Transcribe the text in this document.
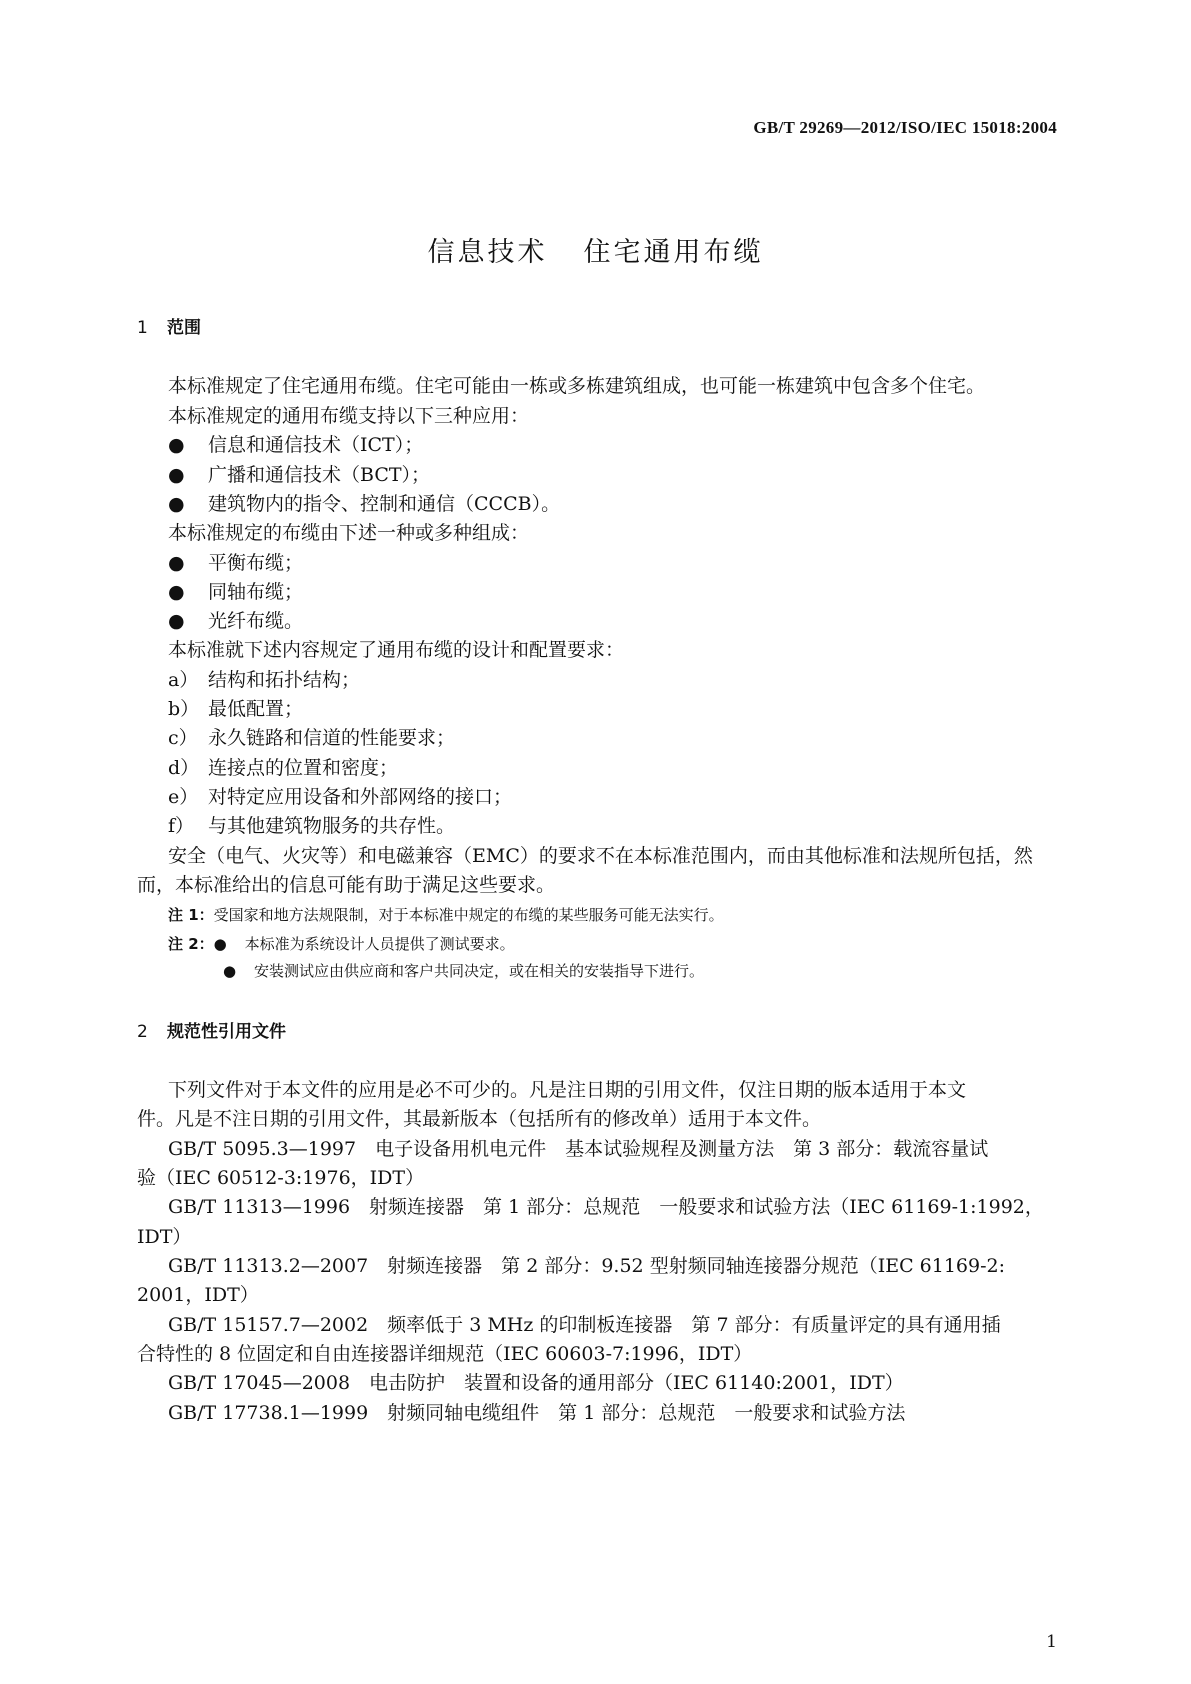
GB/T 29269—2012/ISO/IEC 15018:2004
信息技术 住宅通用布缆
1 范围
本标准规定了住宅通用布缆。住宅可能由一栋或多栋建筑组成，也可能一栋建筑中包含多个住宅。
本标准规定的通用布缆支持以下三种应用：
● 信息和通信技术（ICT）；
● 广播和通信技术（BCT）；
● 建筑物内的指令、控制和通信（CCCB）。
本标准规定的布缆由下述一种或多种组成：
● 平衡布缆；
● 同轴布缆；
● 光纤布缆。
本标准就下述内容规定了通用布缆的设计和配置要求：
a） 结构和拓扑结构；
b） 最低配置；
c） 永久链路和信道的性能要求；
d） 连接点的位置和密度；
e） 对特定应用设备和外部网络的接口；
f） 与其他建筑物服务的共存性。
安全（电气、火灾等）和电磁兼容（EMC）的要求不在本标准范围内，而由其他标准和法规所包括，然
而，本标准给出的信息可能有助于满足这些要求。
注 1：受国家和地方法规限制，对于本标准中规定的布缆的某些服务可能无法实行。
注 2：● 本标准为系统设计人员提供了测试要求。
● 安装测试应由供应商和客户共同决定，或在相关的安装指导下进行。
2 规范性引用文件
下列文件对于本文件的应用是必不可少的。凡是注日期的引用文件，仅注日期的版本适用于本文
件。凡是不注日期的引用文件，其最新版本（包括所有的修改单）适用于本文件。
GB/T 5095.3—1997　电子设备用机电元件　基本试验规程及测量方法　第 3 部分：载流容量试
验（IEC 60512-3:1976，IDT）
GB/T 11313—1996　射频连接器　第 1 部分：总规范　一般要求和试验方法（IEC 61169-1:1992，
IDT）
GB/T 11313.2—2007　射频连接器　第 2 部分：9.52 型射频同轴连接器分规范（IEC 61169-2:
2001，IDT）
GB/T 15157.7—2002　频率低于 3 MHz 的印制板连接器　第 7 部分：有质量评定的具有通用插
合特性的 8 位固定和自由连接器详细规范（IEC 60603-7:1996，IDT）
GB/T 17045—2008　电击防护　装置和设备的通用部分（IEC 61140:2001，IDT）
GB/T 17738.1—1999　射频同轴电缆组件　第 1 部分：总规范　一般要求和试验方法
1
